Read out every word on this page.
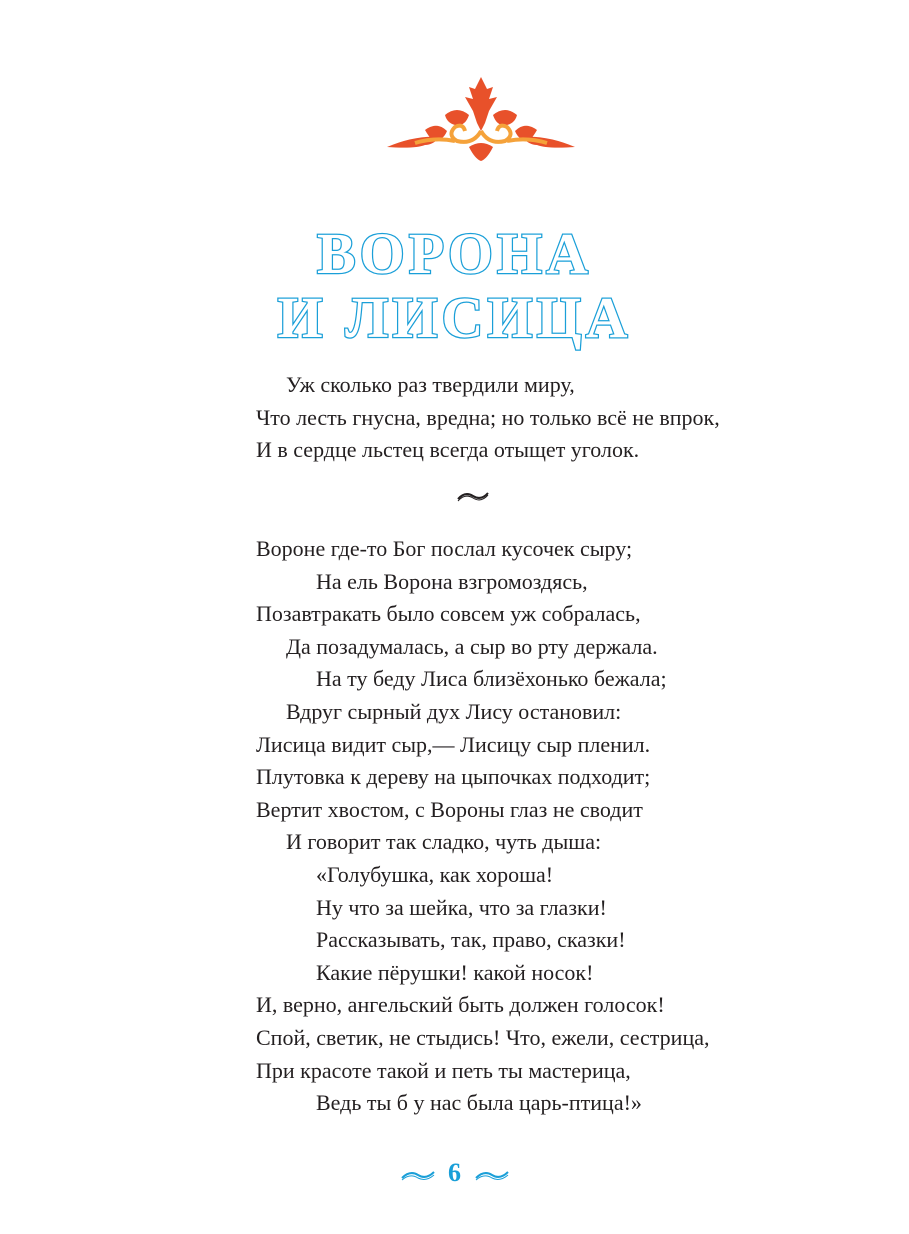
ВОРОНА
И ЛИСИЦА
Уж сколько раз твердили миру,
Что лесть гнусна, вредна; но только всё не впрок,
И в сердце льстец всегда отыщет уголок.
Вороне где-то Бог послал кусочек сыру;
На ель Ворона взгромоздясь,
Позавтракать было совсем уж собралась,
Да позадумалась, а сыр во рту держала.
На ту беду Лиса близёхонько бежала;
Вдруг сырный дух Лису остановил:
Лисица видит сыр,— Лисицу сыр пленил.
Плутовка к дереву на цыпочках подходит;
Вертит хвостом, с Вороны глаз не сводит
И говорит так сладко, чуть дыша:
«Голубушка, как хороша!
Ну что за шейка, что за глазки!
Рассказывать, так, право, сказки!
Какие пёрушки! какой носок!
И, верно, ангельский быть должен голосок!
Спой, светик, не стыдись! Что, ежели, сестрица,
При красоте такой и петь ты мастерица,
Ведь ты б у нас была царь-птица!»
6
